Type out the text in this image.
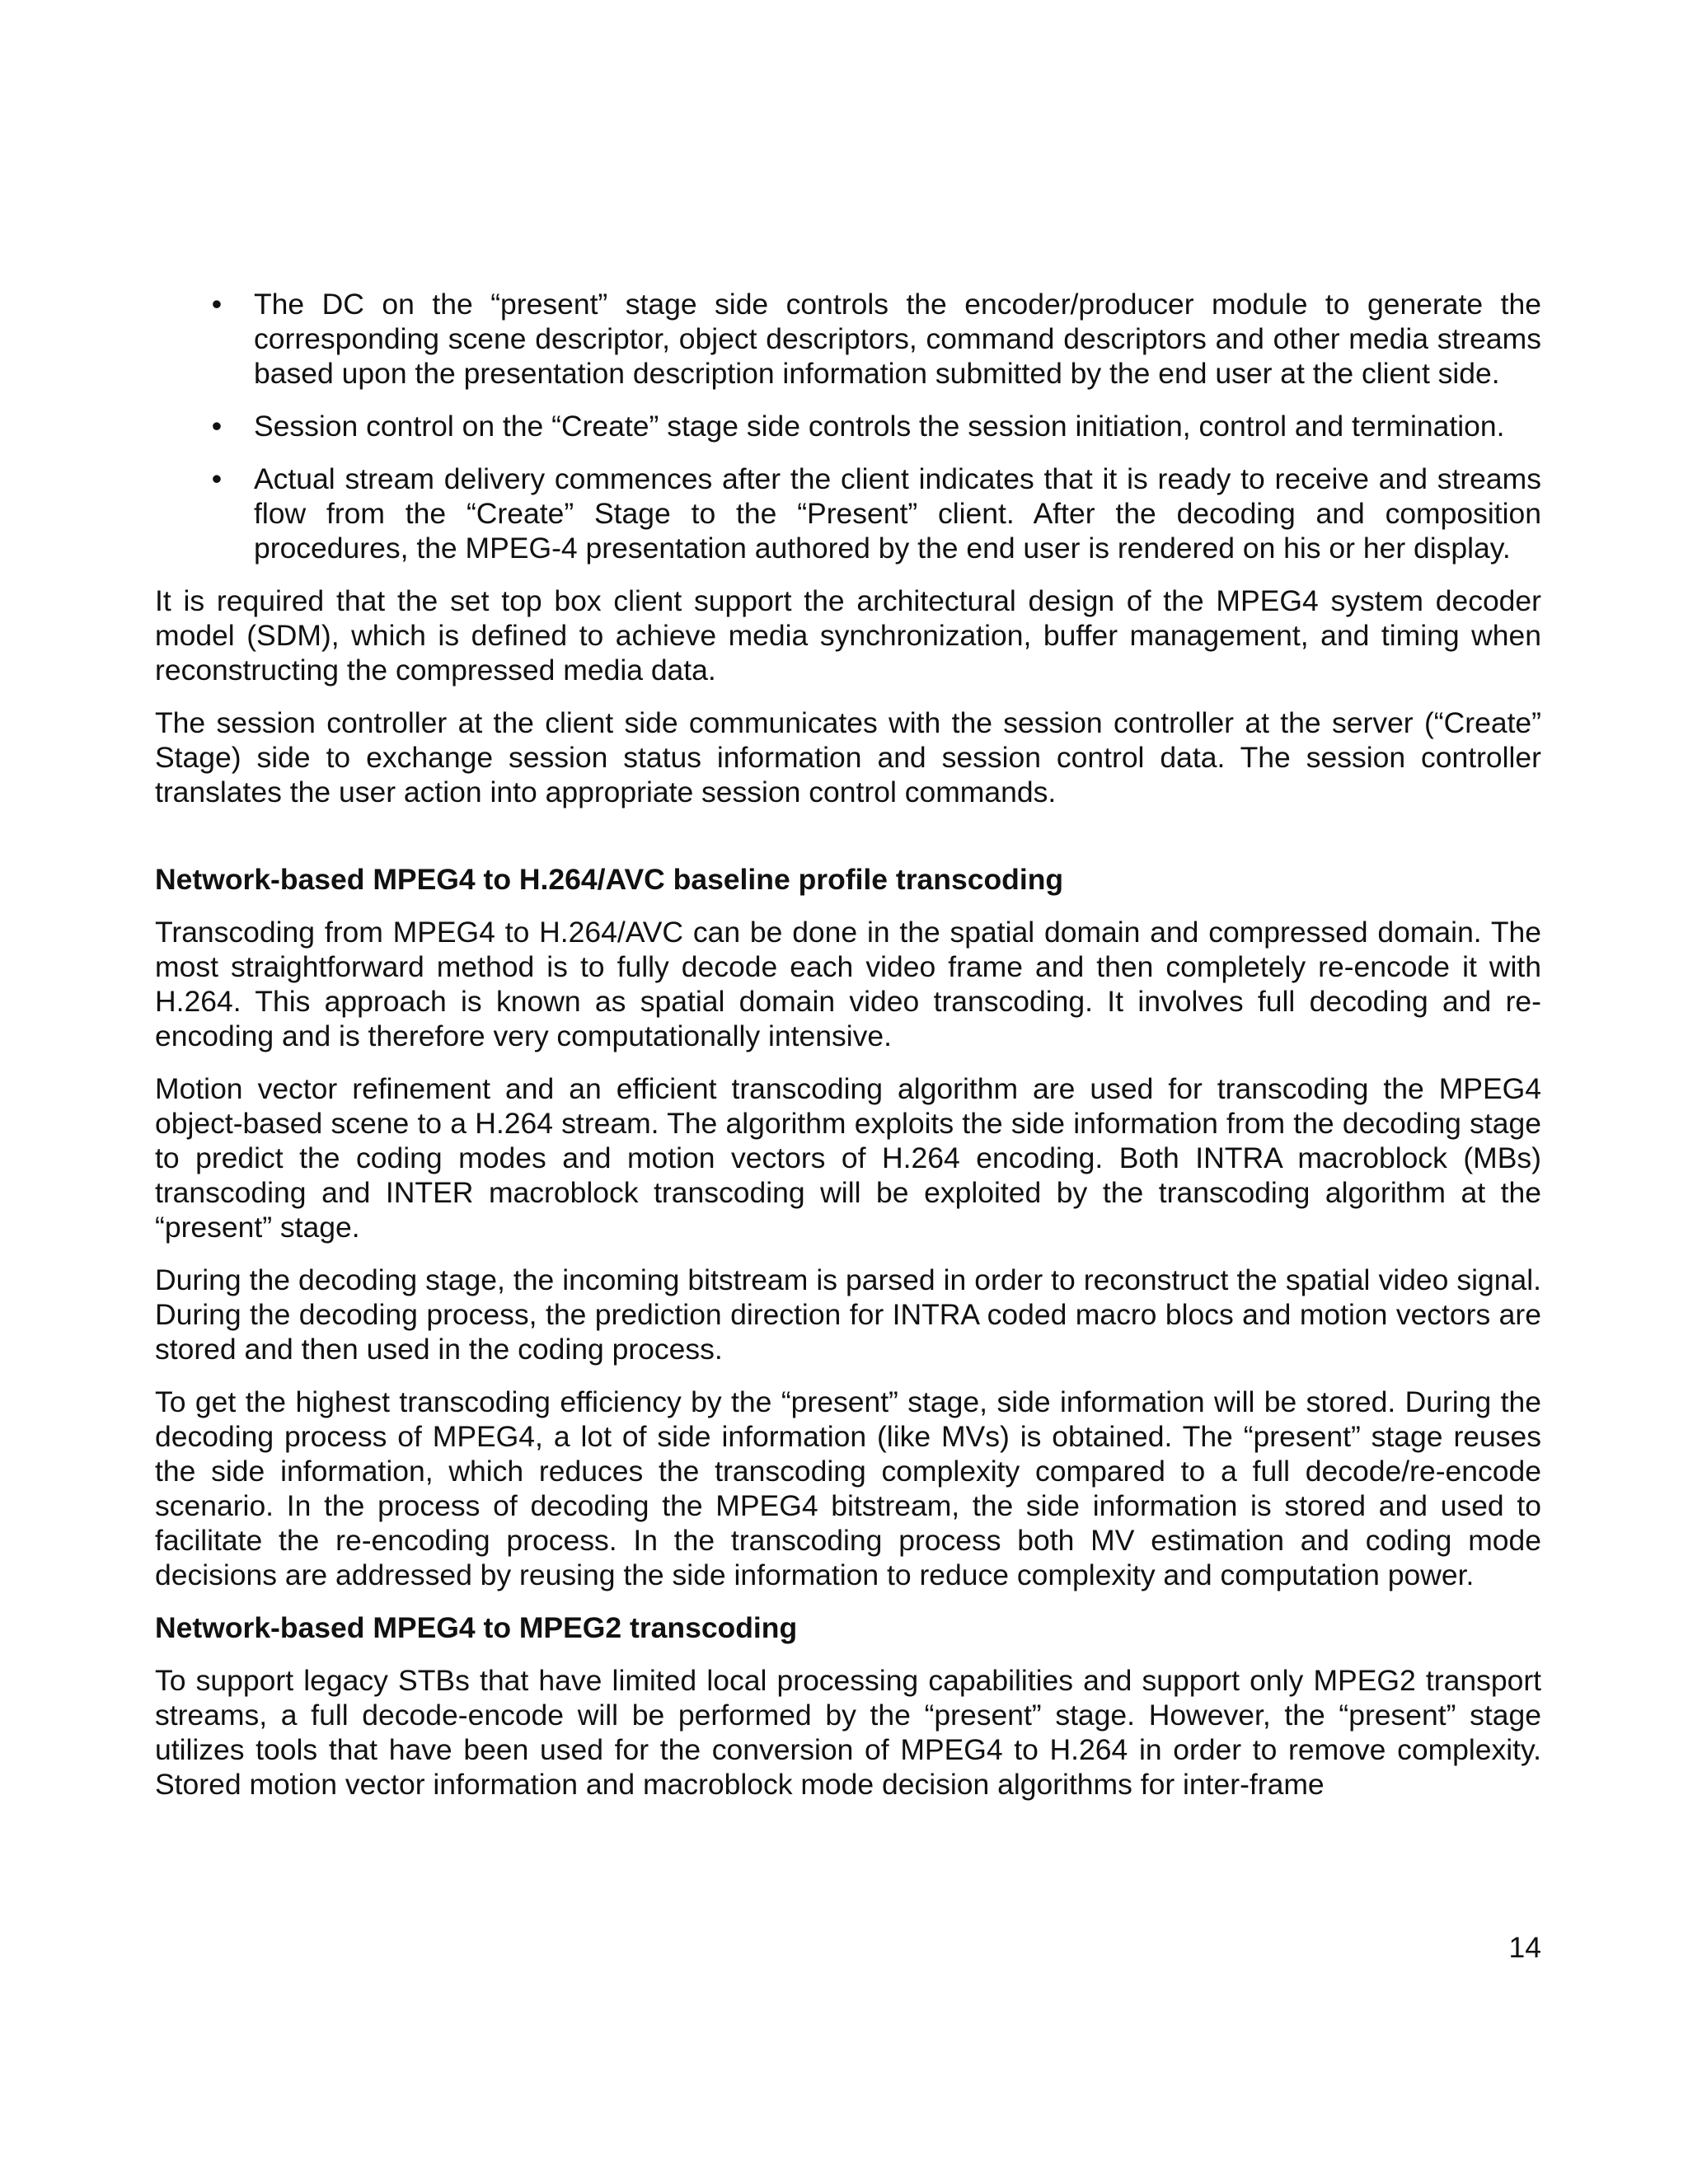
• The DC on the “present” stage side controls the encoder/producer module to generate the corresponding scene descriptor, object descriptors, command descriptors and other media streams based upon the presentation description information submitted by the end user at the client side.
• Session control on the “Create” stage side controls the session initiation, control and termination.
• Actual stream delivery commences after the client indicates that it is ready to receive and streams flow from the “Create” Stage to the “Present” client. After the decoding and composition procedures, the MPEG-4 presentation authored by the end user is rendered on his or her display.

It is required that the set top box client support the architectural design of the MPEG4 system decoder model (SDM), which is defined to achieve media synchronization, buffer management, and timing when reconstructing the compressed media data.

The session controller at the client side communicates with the session controller at the server (“Create” Stage) side to exchange session status information and session control data. The session controller translates the user action into appropriate session control commands.

Network-based MPEG4 to H.264/AVC baseline profile transcoding

Transcoding from MPEG4 to H.264/AVC can be done in the spatial domain and compressed domain. The most straightforward method is to fully decode each video frame and then completely re-encode it with H.264. This approach is known as spatial domain video transcoding. It involves full decoding and re-encoding and is therefore very computationally intensive.

Motion vector refinement and an efficient transcoding algorithm are used for transcoding the MPEG4 object-based scene to a H.264 stream. The algorithm exploits the side information from the decoding stage to predict the coding modes and motion vectors of H.264 encoding. Both INTRA macroblock (MBs) transcoding and INTER macroblock transcoding will be exploited by the transcoding algorithm at the “present” stage.

During the decoding stage, the incoming bitstream is parsed in order to reconstruct the spatial video signal. During the decoding process, the prediction direction for INTRA coded macro blocs and motion vectors are stored and then used in the coding process.

To get the highest transcoding efficiency by the “present” stage, side information will be stored. During the decoding process of MPEG4, a lot of side information (like MVs) is obtained. The “present” stage reuses the side information, which reduces the transcoding complexity compared to a full decode/re-encode scenario. In the process of decoding the MPEG4 bitstream, the side information is stored and used to facilitate the re-encoding process. In the transcoding process both MV estimation and coding mode decisions are addressed by reusing the side information to reduce complexity and computation power.

Network-based MPEG4 to MPEG2 transcoding

To support legacy STBs that have limited local processing capabilities and support only MPEG2 transport streams, a full decode-encode will be performed by the “present” stage. However, the “present” stage utilizes tools that have been used for the conversion of MPEG4 to H.264 in order to remove complexity. Stored motion vector information and macroblock mode decision algorithms for inter-frame

14
